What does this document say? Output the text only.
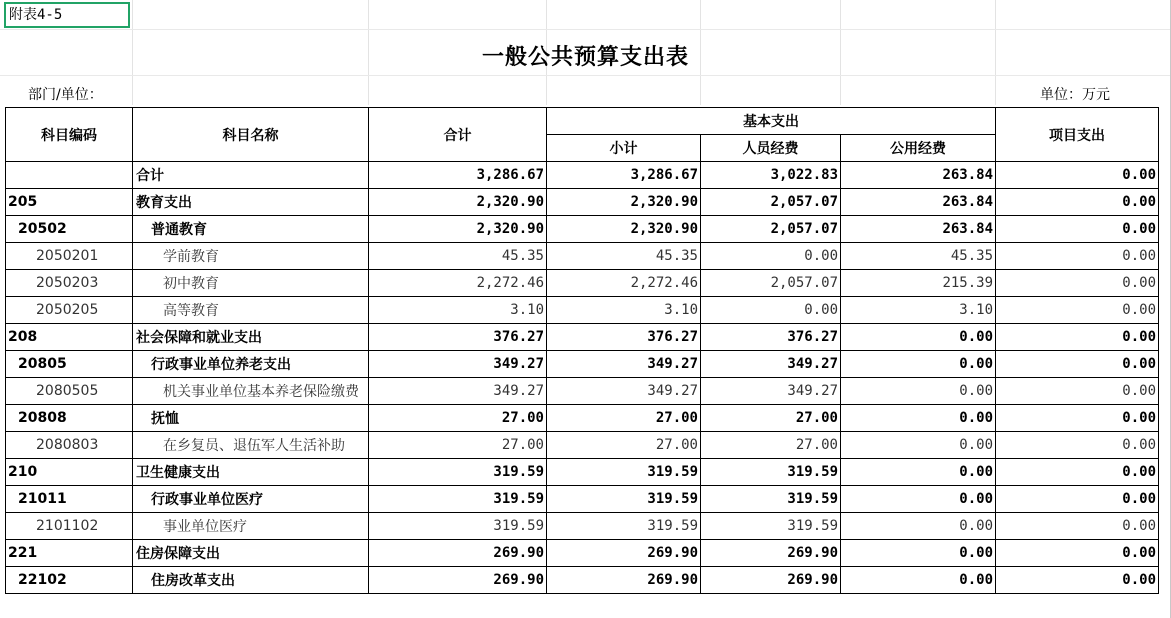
附表4-5
一般公共预算支出表
部门/单位：	单位：万元
科目编码	科目名称	合计	基本支出			项目支出
			小计	人员经费	公用经费	
	合计	3,286.67	3,286.67	3,022.83	263.84	0.00
205	教育支出	2,320.90	2,320.90	2,057.07	263.84	0.00
20502	普通教育	2,320.90	2,320.90	2,057.07	263.84	0.00
2050201	学前教育	45.35	45.35	0.00	45.35	0.00
2050203	初中教育	2,272.46	2,272.46	2,057.07	215.39	0.00
2050205	高等教育	3.10	3.10	0.00	3.10	0.00
208	社会保障和就业支出	376.27	376.27	376.27	0.00	0.00
20805	行政事业单位养老支出	349.27	349.27	349.27	0.00	0.00
2080505	机关事业单位基本养老保险缴费	349.27	349.27	349.27	0.00	0.00
20808	抚恤	27.00	27.00	27.00	0.00	0.00
2080803	在乡复员、退伍军人生活补助	27.00	27.00	27.00	0.00	0.00
210	卫生健康支出	319.59	319.59	319.59	0.00	0.00
21011	行政事业单位医疗	319.59	319.59	319.59	0.00	0.00
2101102	事业单位医疗	319.59	319.59	319.59	0.00	0.00
221	住房保障支出	269.90	269.90	269.90	0.00	0.00
22102	住房改革支出	269.90	269.90	269.90	0.00	0.00
